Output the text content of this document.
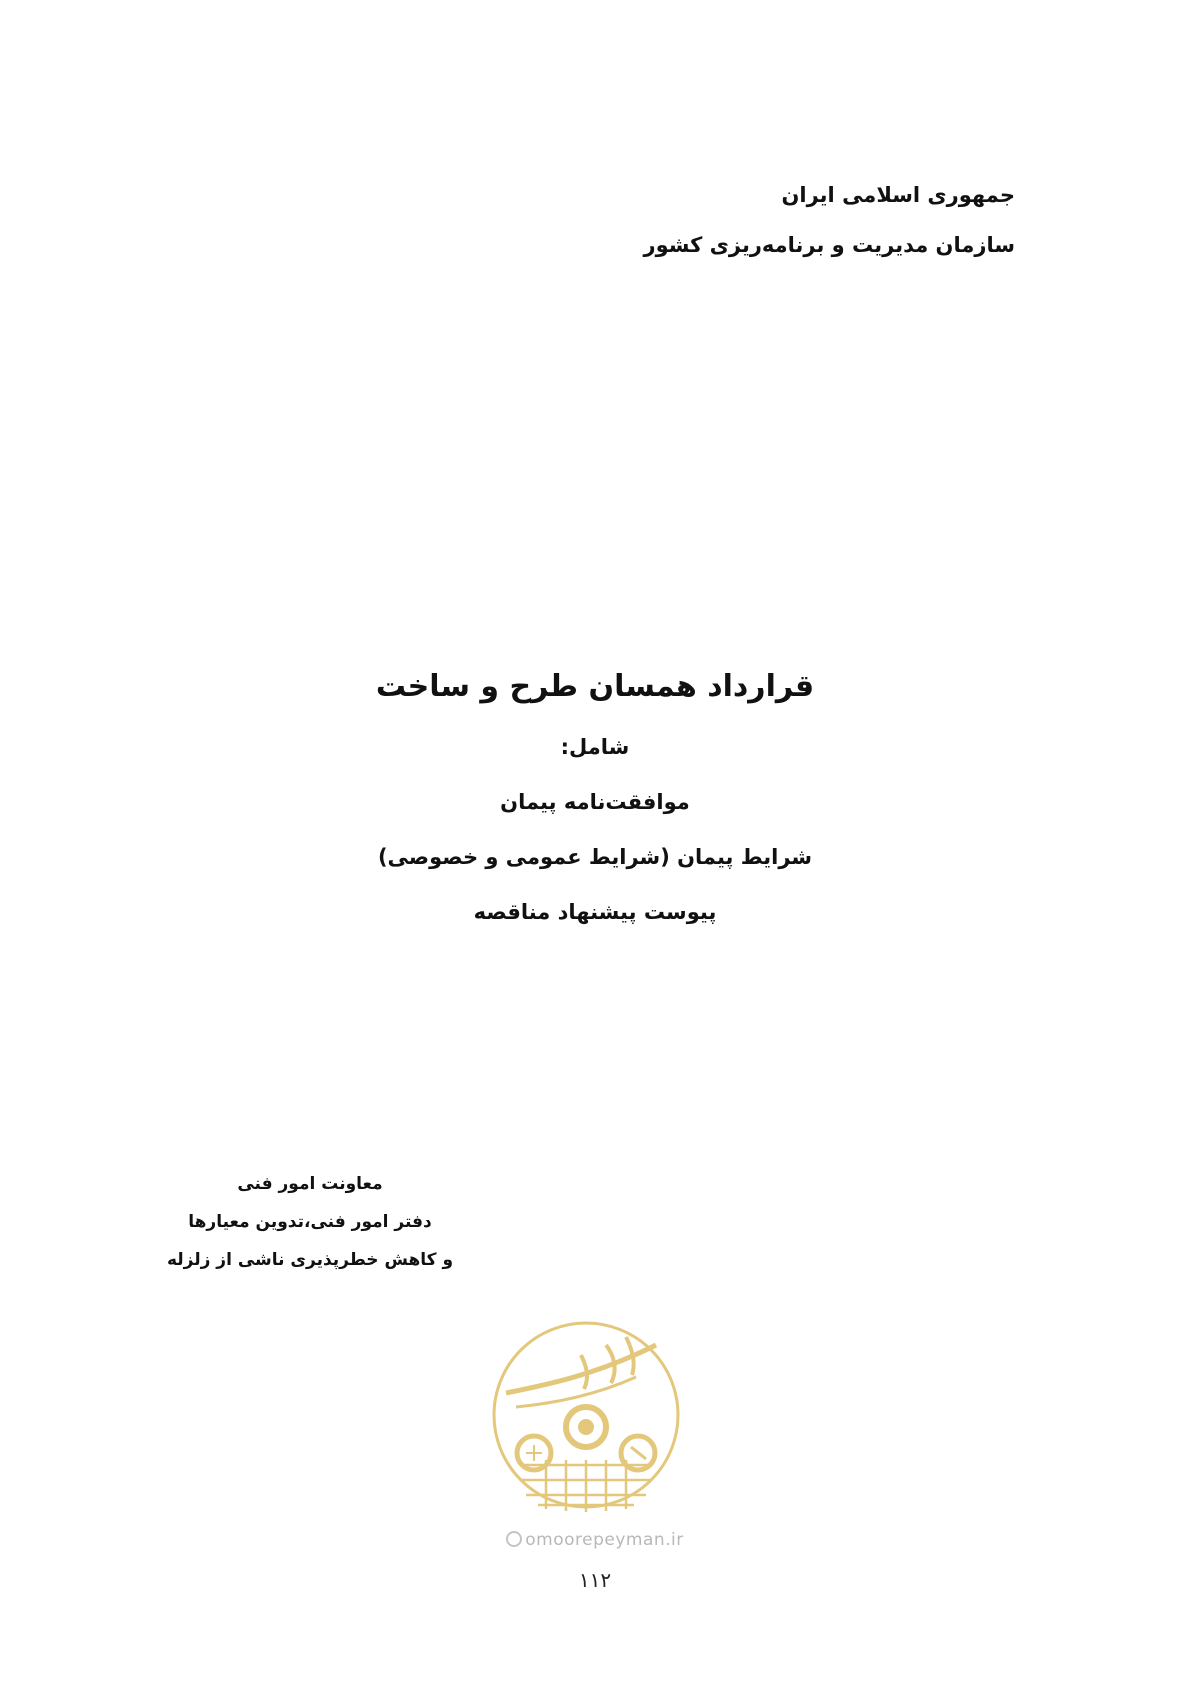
جمهوری اسلامی ایران
سازمان مدیریت و برنامه‌ریزی کشور
قرارداد همسان طرح و ساخت
شامل:
موافقت‌نامه پیمان
شرایط پیمان (شرایط عمومی و خصوصی)
پیوست پیشنهاد مناقصه
معاونت امور فنی
دفتر امور فنی،تدوین معیارها
و کاهش خطرپذیری ناشی از زلزله
omoorepeyman.ir
۱۱۲
